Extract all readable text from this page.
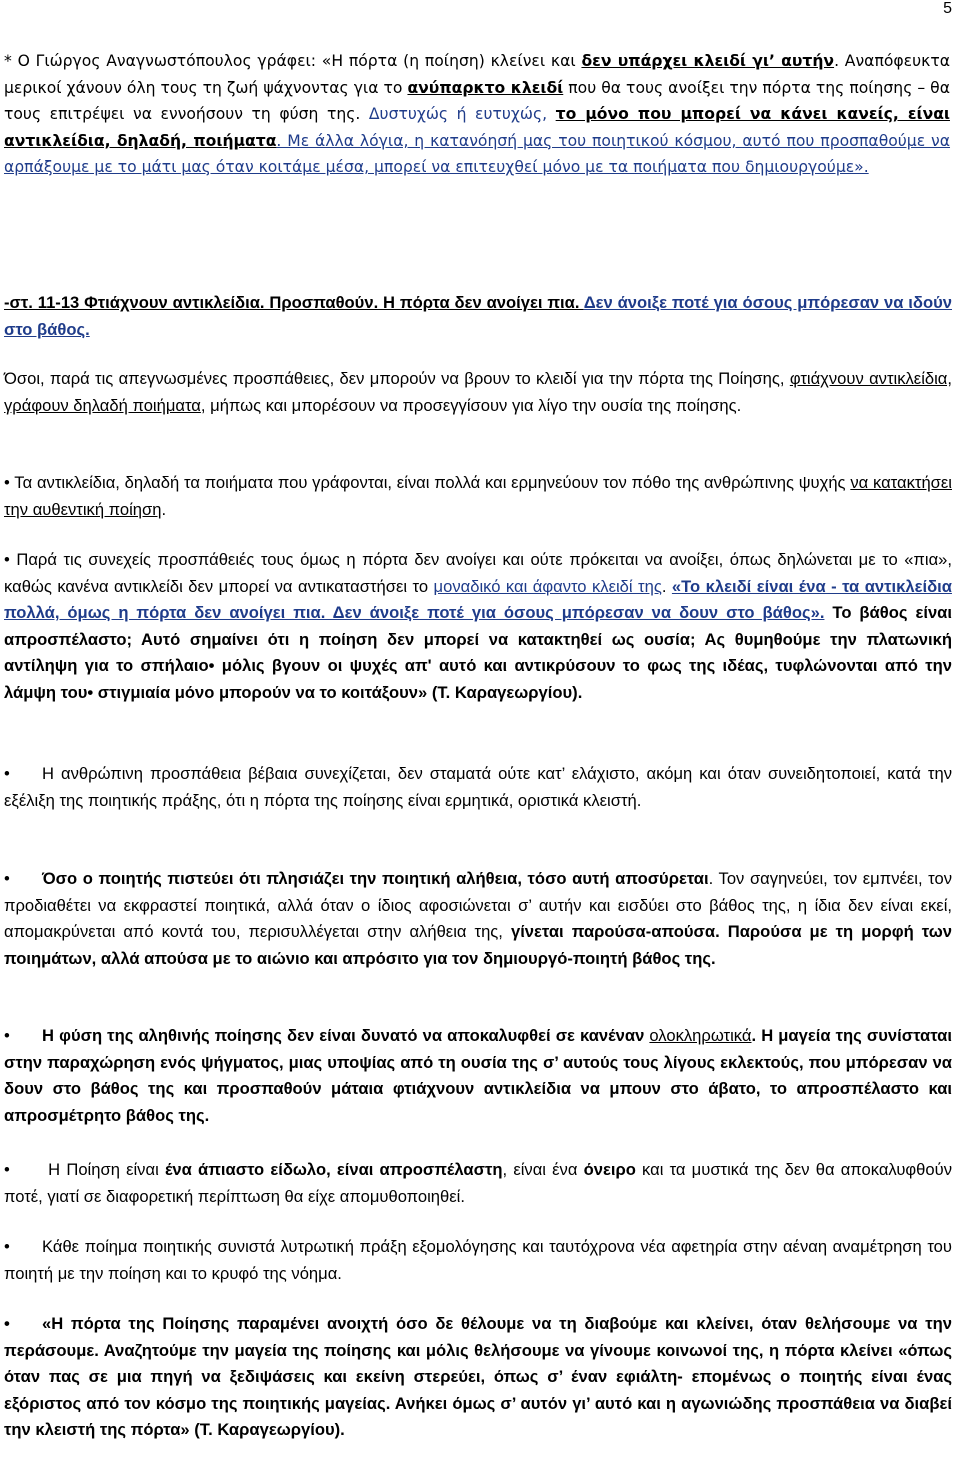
5

* Ο Γιώργος Αναγνωστόπουλος γράφει: «Η πόρτα (η ποίηση) κλείνει και δεν υπάρχει κλειδί γι’ αυτήν. Αναπόφευκτα μερικοί χάνουν όλη τους τη ζωή ψάχνοντας για το ανύπαρκτο κλειδί που θα τους ανοίξει την πόρτα της ποίησης – θα τους επιτρέψει να εννοήσουν τη φύση της. Δυστυχώς ή ευτυχώς, το μόνο που μπορεί να κάνει κανείς, είναι αντικλείδια, δηλαδή, ποιήματα. Με άλλα λόγια, η κατανόησή μας του ποιητικού κόσμου, αυτό που προσπαθούμε να αρπάξουμε με το μάτι μας όταν κοιτάμε μέσα, μπορεί να επιτευχθεί μόνο με τα ποιήματα που δημιουργούμε».

-στ. 11-13 Φτιάχνουν αντικλείδια. Προσπαθούν. Η πόρτα δεν ανοίγει πια. Δεν άνοιξε ποτέ για όσους μπόρεσαν να ιδούν στο βάθος.

Όσοι, παρά τις απεγνωσμένες προσπάθειες, δεν μπορούν να βρουν το κλειδί για την πόρτα της Ποίησης, φτιάχνουν αντικλείδια, γράφουν δηλαδή ποιήματα, μήπως και μπορέσουν να προσεγγίσουν για λίγο την ουσία της ποίησης.

• Τα αντικλείδια, δηλαδή τα ποιήματα που γράφονται, είναι πολλά και ερμηνεύουν τον πόθο της ανθρώπινης ψυχής να κατακτήσει την αυθεντική ποίηση.

• Παρά τις συνεχείς προσπάθειές τους όμως η πόρτα δεν ανοίγει και ούτε πρόκειται να ανοίξει, όπως δηλώνεται με το «πια», καθώς κανένα αντικλείδι δεν μπορεί να αντικαταστήσει το μοναδικό και άφαντο κλειδί της. «Το κλειδί είναι ένα - τα αντικλείδια πολλά, όμως η πόρτα δεν ανοίγει πια. Δεν άνοιξε ποτέ για όσους μπόρεσαν να δουν στο βάθος». Το βάθος είναι απροσπέλαστο; Αυτό σημαίνει ότι η ποίηση δεν μπορεί να κατακτηθεί ως ουσία; Ας θυμηθούμε την πλατωνική αντίληψη για το σπήλαιο• μόλις βγουν οι ψυχές απ' αυτό και αντικρύσουν το φως της ιδέας, τυφλώνονται από την λάμψη του• στιγμιαία μόνο μπορούν να το κοιτάξουν» (Τ. Καραγεωργίου).

• Η ανθρώπινη προσπάθεια βέβαια συνεχίζεται, δεν σταματά ούτε κατ’ ελάχιστο, ακόμη και όταν συνειδητοποιεί, κατά την εξέλιξη της ποιητικής πράξης, ότι η πόρτα της ποίησης είναι ερμητικά, οριστικά κλειστή.

• Όσο ο ποιητής πιστεύει ότι πλησιάζει την ποιητική αλήθεια, τόσο αυτή αποσύρεται. Τον σαγηνεύει, τον εμπνέει, τον προδιαθέτει να εκφραστεί ποιητικά, αλλά όταν ο ίδιος αφοσιώνεται σ’ αυτήν και εισδύει στο βάθος της, η ίδια δεν είναι εκεί, απομακρύνεται από κοντά του, περισυλλέγεται στην αλήθεια της, γίνεται παρούσα-απούσα. Παρούσα με τη μορφή των ποιημάτων, αλλά απούσα με το αιώνιο και απρόσιτο για τον δημιουργό-ποιητή βάθος της.

• Η φύση της αληθινής ποίησης δεν είναι δυνατό να αποκαλυφθεί σε κανέναν ολοκληρωτικά. Η μαγεία της συνίσταται στην παραχώρηση ενός ψήγματος, μιας υποψίας από τη ουσία της σ’ αυτούς τους λίγους εκλεκτούς, που μπόρεσαν να δουν στο βάθος της και προσπαθούν μάταια φτιάχνουν αντικλείδια να μπουν στο άβατο, το απροσπέλαστο και απροσμέτρητο βάθος της.

• Η Ποίηση είναι ένα άπιαστο είδωλο, είναι απροσπέλαστη, είναι ένα όνειρο και τα μυστικά της δεν θα αποκαλυφθούν ποτέ, γιατί σε διαφορετική περίπτωση θα είχε απομυθοποιηθεί.

• Κάθε ποίημα ποιητικής συνιστά λυτρωτική πράξη εξομολόγησης και ταυτόχρονα νέα αφετηρία στην αέναη αναμέτρηση του ποιητή με την ποίηση και το κρυφό της νόημα.

• «Η πόρτα της Ποίησης παραμένει ανοιχτή όσο δε θέλουμε να τη διαβούμε και κλείνει, όταν θελήσουμε να την περάσουμε. Αναζητούμε την μαγεία της ποίησης και μόλις θελήσουμε να γίνουμε κοινωνοί της, η πόρτα κλείνει «όπως όταν πας σε μια πηγή να ξεδιψάσεις και εκείνη στερεύει, όπως σ’ έναν εφιάλτη- επομένως ο ποιητής είναι ένας εξόριστος από τον κόσμο της ποιητικής μαγείας. Ανήκει όμως σ’ αυτόν γι’ αυτό και η αγωνιώδης προσπάθεια να διαβεί την κλειστή της πόρτα» (Τ. Καραγεωργίου).
